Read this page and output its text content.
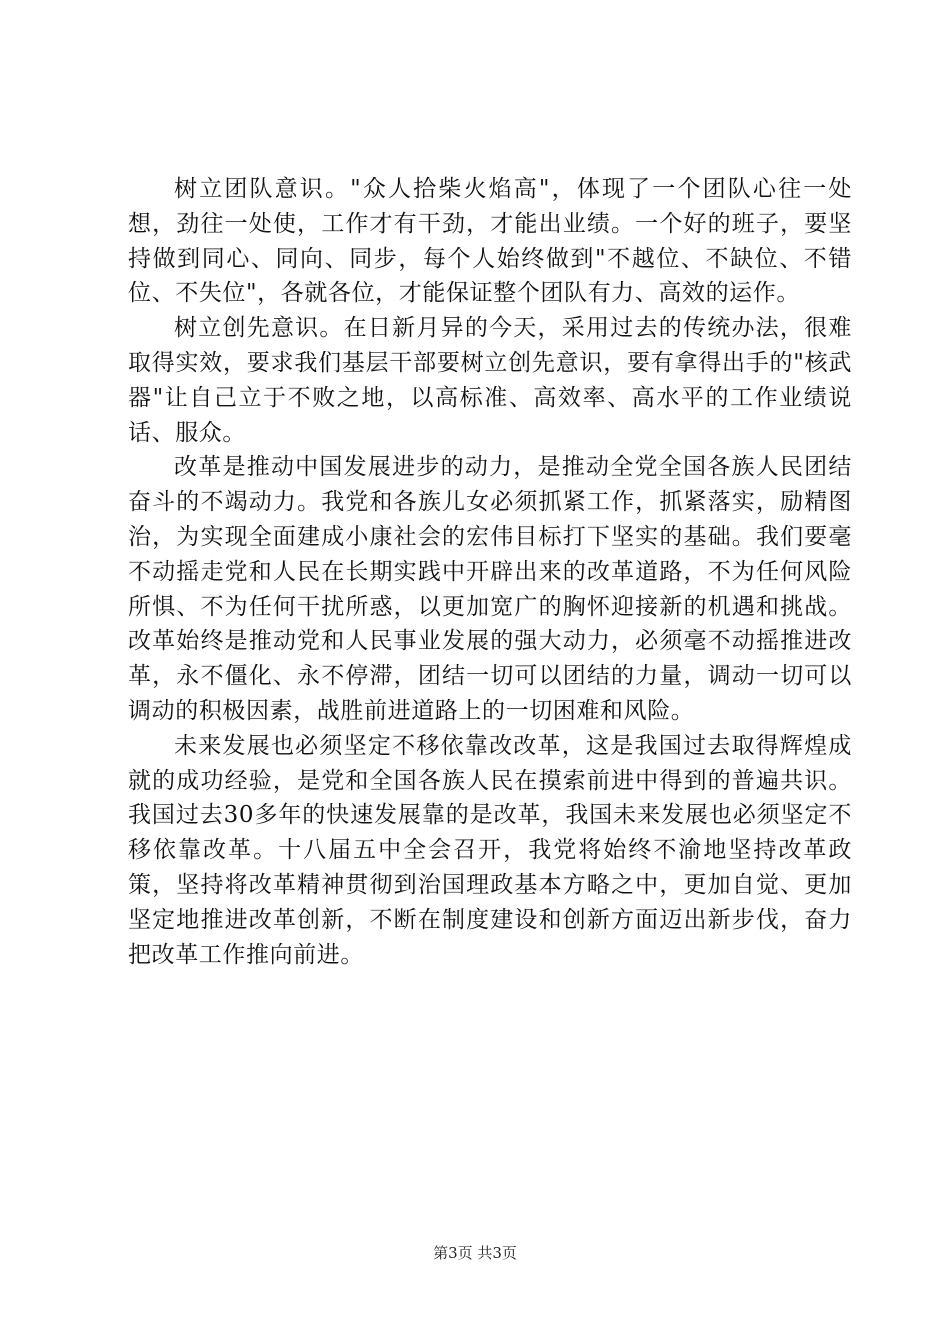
树立团队意识。"众人拾柴火焰高"，体现了一个团队心往一处想，劲往一处使，工作才有干劲，才能出业绩。一个好的班子，要坚持做到同心、同向、同步，每个人始终做到"不越位、不缺位、不错位、不失位"，各就各位，才能保证整个团队有力、高效的运作。

树立创先意识。在日新月异的今天，采用过去的传统办法，很难取得实效，要求我们基层干部要树立创先意识，要有拿得出手的"核武器"让自己立于不败之地，以高标准、高效率、高水平的工作业绩说话、服众。

改革是推动中国发展进步的动力，是推动全党全国各族人民团结奋斗的不竭动力。我党和各族儿女必须抓紧工作，抓紧落实，励精图治，为实现全面建成小康社会的宏伟目标打下坚实的基础。我们要毫不动摇走党和人民在长期实践中开辟出来的改革道路，不为任何风险所惧、不为任何干扰所惑，以更加宽广的胸怀迎接新的机遇和挑战。改革始终是推动党和人民事业发展的强大动力，必须毫不动摇推进改革，永不僵化、永不停滞，团结一切可以团结的力量，调动一切可以调动的积极因素，战胜前进道路上的一切困难和风险。

未来发展也必须坚定不移依靠改改革，这是我国过去取得辉煌成就的成功经验，是党和全国各族人民在摸索前进中得到的普遍共识。我国过去30多年的快速发展靠的是改革，我国未来发展也必须坚定不移依靠改革。十八届五中全会召开，我党将始终不渝地坚持改革政策，坚持将改革精神贯彻到治国理政基本方略之中，更加自觉、更加坚定地推进改革创新，不断在制度建设和创新方面迈出新步伐，奋力把改革工作推向前进。

第3页 共3页
